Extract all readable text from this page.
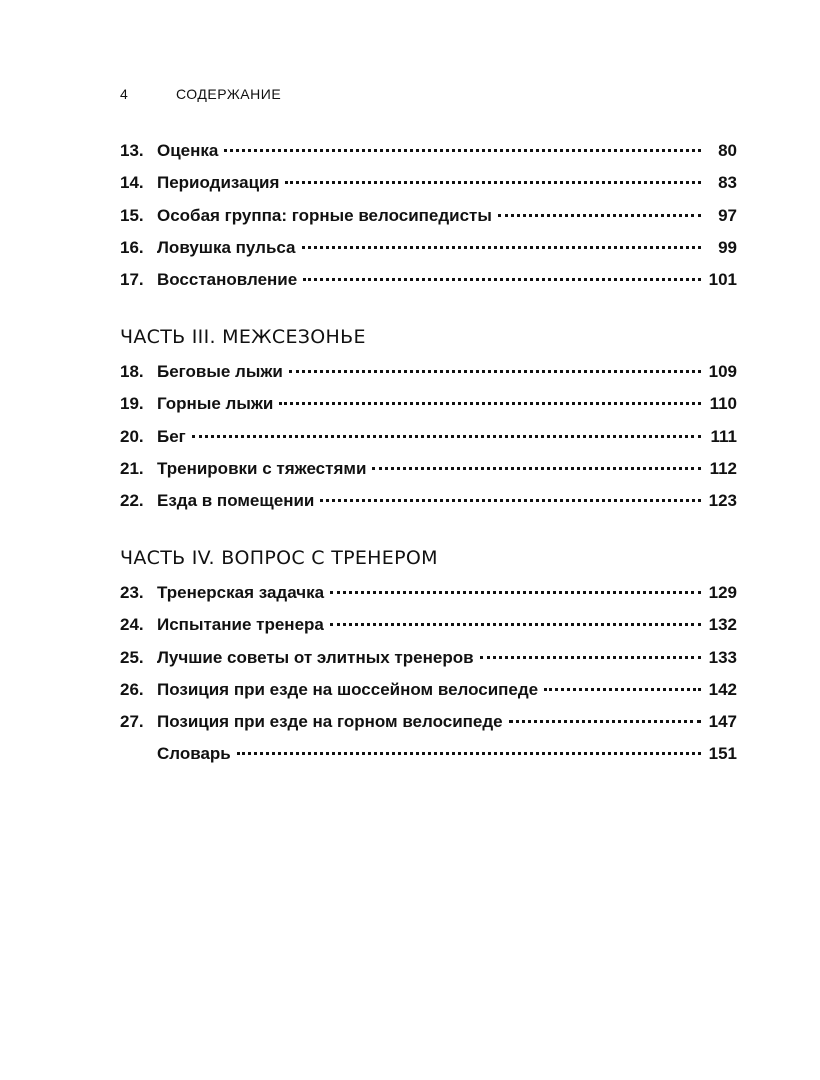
4	СОДЕРЖАНИЕ
13. Оценка	80
14. Периодизация	83
15. Особая группа: горные велосипедисты	97
16. Ловушка пульса	99
17. Восстановление	101
ЧАСТЬ III. МЕЖСЕЗОНЬЕ
18. Беговые лыжи	109
19. Горные лыжи	110
20. Бег	111
21. Тренировки с тяжестями	112
22. Езда в помещении	123
ЧАСТЬ IV. ВОПРОС С ТРЕНЕРОМ
23. Тренерская задачка	129
24. Испытание тренера	132
25. Лучшие советы от элитных тренеров	133
26. Позиция при езде на шоссейном велосипеде	142
27. Позиция при езде на горном велосипеде	147
Словарь	151
